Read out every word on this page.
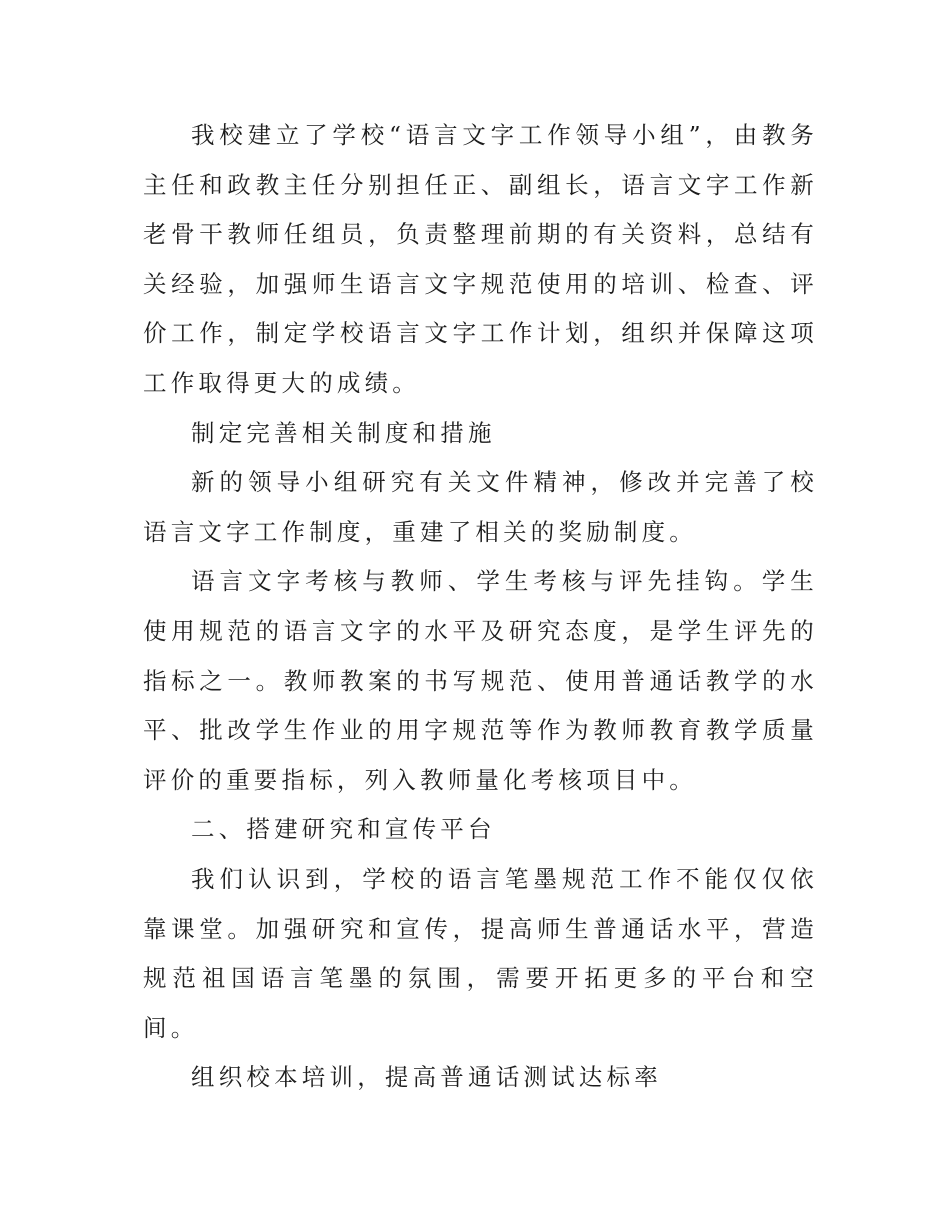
我校建立了学校“语言文字工作领导小组”，由教务主任和政教主任分别担任正、副组长，语言文字工作新老骨干教师任组员，负责整理前期的有关资料，总结有关经验，加强师生语言文字规范使用的培训、检查、评价工作，制定学校语言文字工作计划，组织并保障这项工作取得更大的成绩。

制定完善相关制度和措施

新的领导小组研究有关文件精神，修改并完善了校语言文字工作制度，重建了相关的奖励制度。

语言文字考核与教师、学生考核与评先挂钩。学生使用规范的语言文字的水平及研究态度，是学生评先的指标之一。教师教案的书写规范、使用普通话教学的水平、批改学生作业的用字规范等作为教师教育教学质量评价的重要指标，列入教师量化考核项目中。

二、搭建研究和宣传平台

我们认识到，学校的语言笔墨规范工作不能仅仅依靠课堂。加强研究和宣传，提高师生普通话水平，营造规范祖国语言笔墨的氛围，需要开拓更多的平台和空间。

组织校本培训，提高普通话测试达标率
